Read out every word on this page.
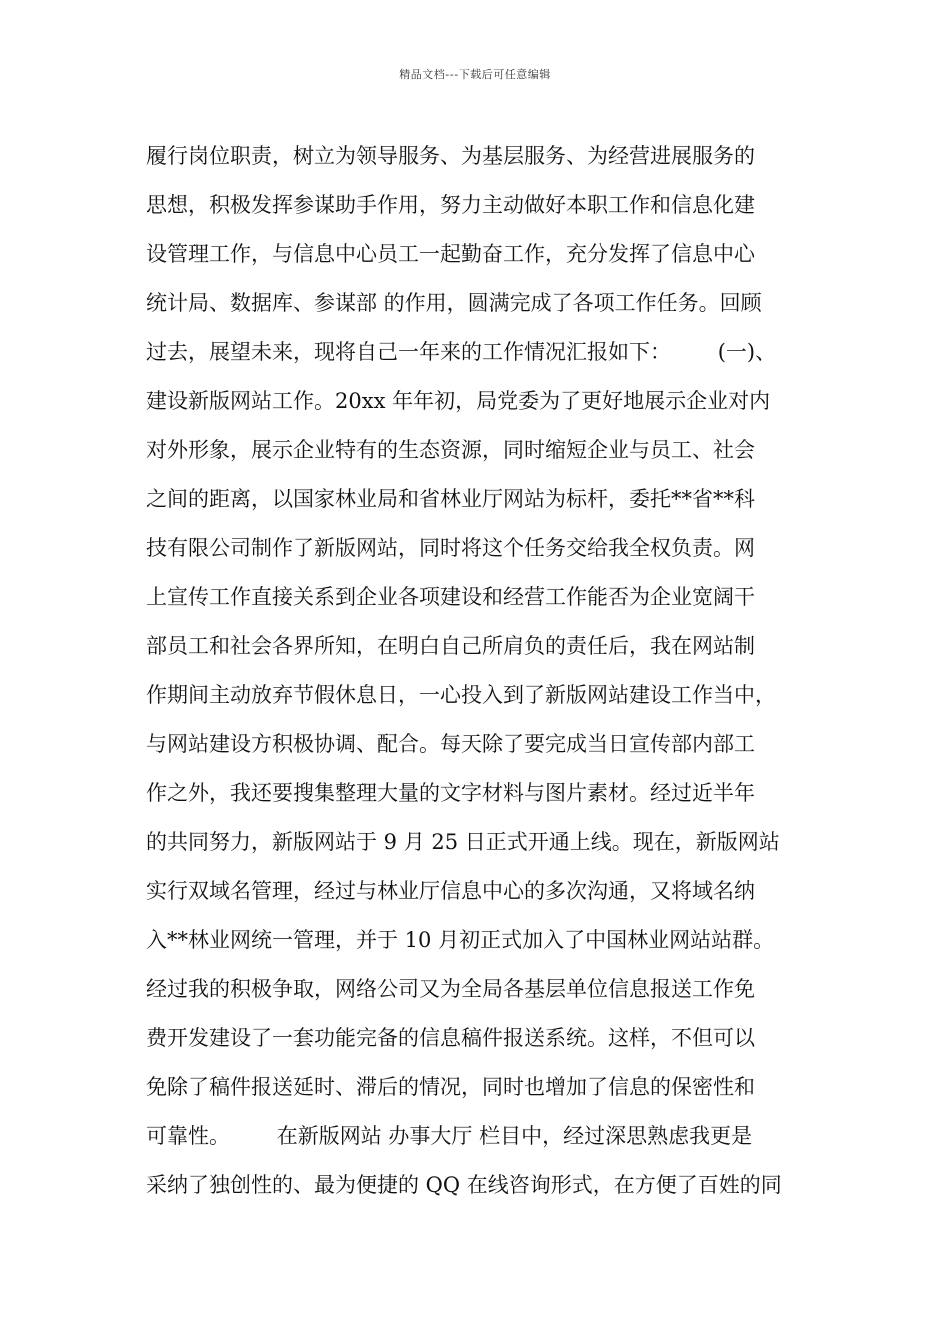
精品文档---下载后可任意编辑
履行岗位职责，树立为领导服务、为基层服务、为经营进展服务的
思想，积极发挥参谋助手作用，努力主动做好本职工作和信息化建
设管理工作，与信息中心员工一起勤奋工作，充分发挥了信息中心
统计局、数据库、参谋部 的作用，圆满完成了各项工作任务。回顾
过去，展望未来，现将自己一年来的工作情况汇报如下：       (一)、
建设新版网站工作。20xx 年年初，局党委为了更好地展示企业对内
对外形象，展示企业特有的生态资源，同时缩短企业与员工、社会
之间的距离，以国家林业局和省林业厅网站为标杆，委托**省**科
技有限公司制作了新版网站，同时将这个任务交给我全权负责。网
上宣传工作直接关系到企业各项建设和经营工作能否为企业宽阔干
部员工和社会各界所知，在明白自己所肩负的责任后，我在网站制
作期间主动放弃节假休息日，一心投入到了新版网站建设工作当中，
与网站建设方积极协调、配合。每天除了要完成当日宣传部内部工
作之外，我还要搜集整理大量的文字材料与图片素材。经过近半年
的共同努力，新版网站于 9 月 25 日正式开通上线。现在，新版网站
实行双域名管理，经过与林业厅信息中心的多次沟通，又将域名纳
入**林业网统一管理，并于 10 月初正式加入了中国林业网站站群。
经过我的积极争取，网络公司又为全局各基层单位信息报送工作免
费开发建设了一套功能完备的信息稿件报送系统。这样，不但可以
免除了稿件报送延时、滞后的情况，同时也增加了信息的保密性和
可靠性。       在新版网站 办事大厅 栏目中，经过深思熟虑我更是
采纳了独创性的、最为便捷的 QQ 在线咨询形式，在方便了百姓的同
